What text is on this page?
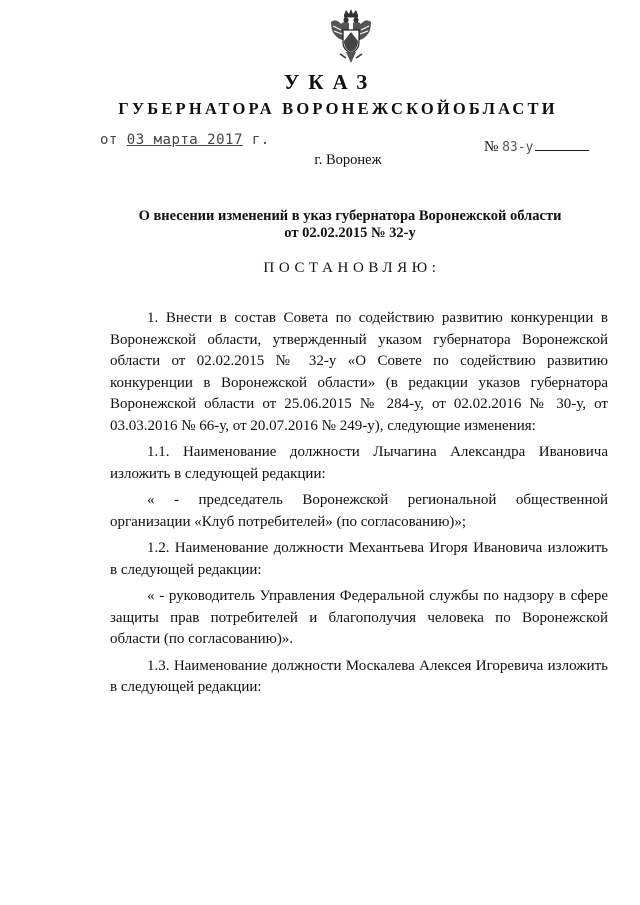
УКАЗ
ГУБЕРНАТОРА ВОРОНЕЖСКОЙОБЛАСТИ
от 03 марта 2017 г.	№ 83-у
г. Воронеж
О внесении изменений в указ губернатора Воронежской области
от 02.02.2015 № 32-у
ПОСТАНОВЛЯЮ:

1. Внести в состав Совета по содействию развитию конкуренции в Воронежской области, утвержденный указом губернатора Воронежской области от 02.02.2015 № 32-у «О Совете по содействию развитию конкуренции в Воронежской области» (в редакции указов губернатора Воронежской области от 25.06.2015 № 284-у, от 02.02.2016 № 30-у, от 03.03.2016 № 66-у, от 20.07.2016 № 249-у), следующие изменения:

1.1. Наименование должности Лычагина Александра Ивановича изложить в следующей редакции:

« - председатель Воронежской региональной общественной организации «Клуб потребителей» (по согласованию)»;

1.2. Наименование должности Механтьева Игоря Ивановича изложить в следующей редакции:

« - руководитель Управления Федеральной службы по надзору в сфере защиты прав потребителей и благополучия человека по Воронежской области (по согласованию)».

1.3. Наименование должности Москалева Алексея Игоревича изложить в следующей редакции:
